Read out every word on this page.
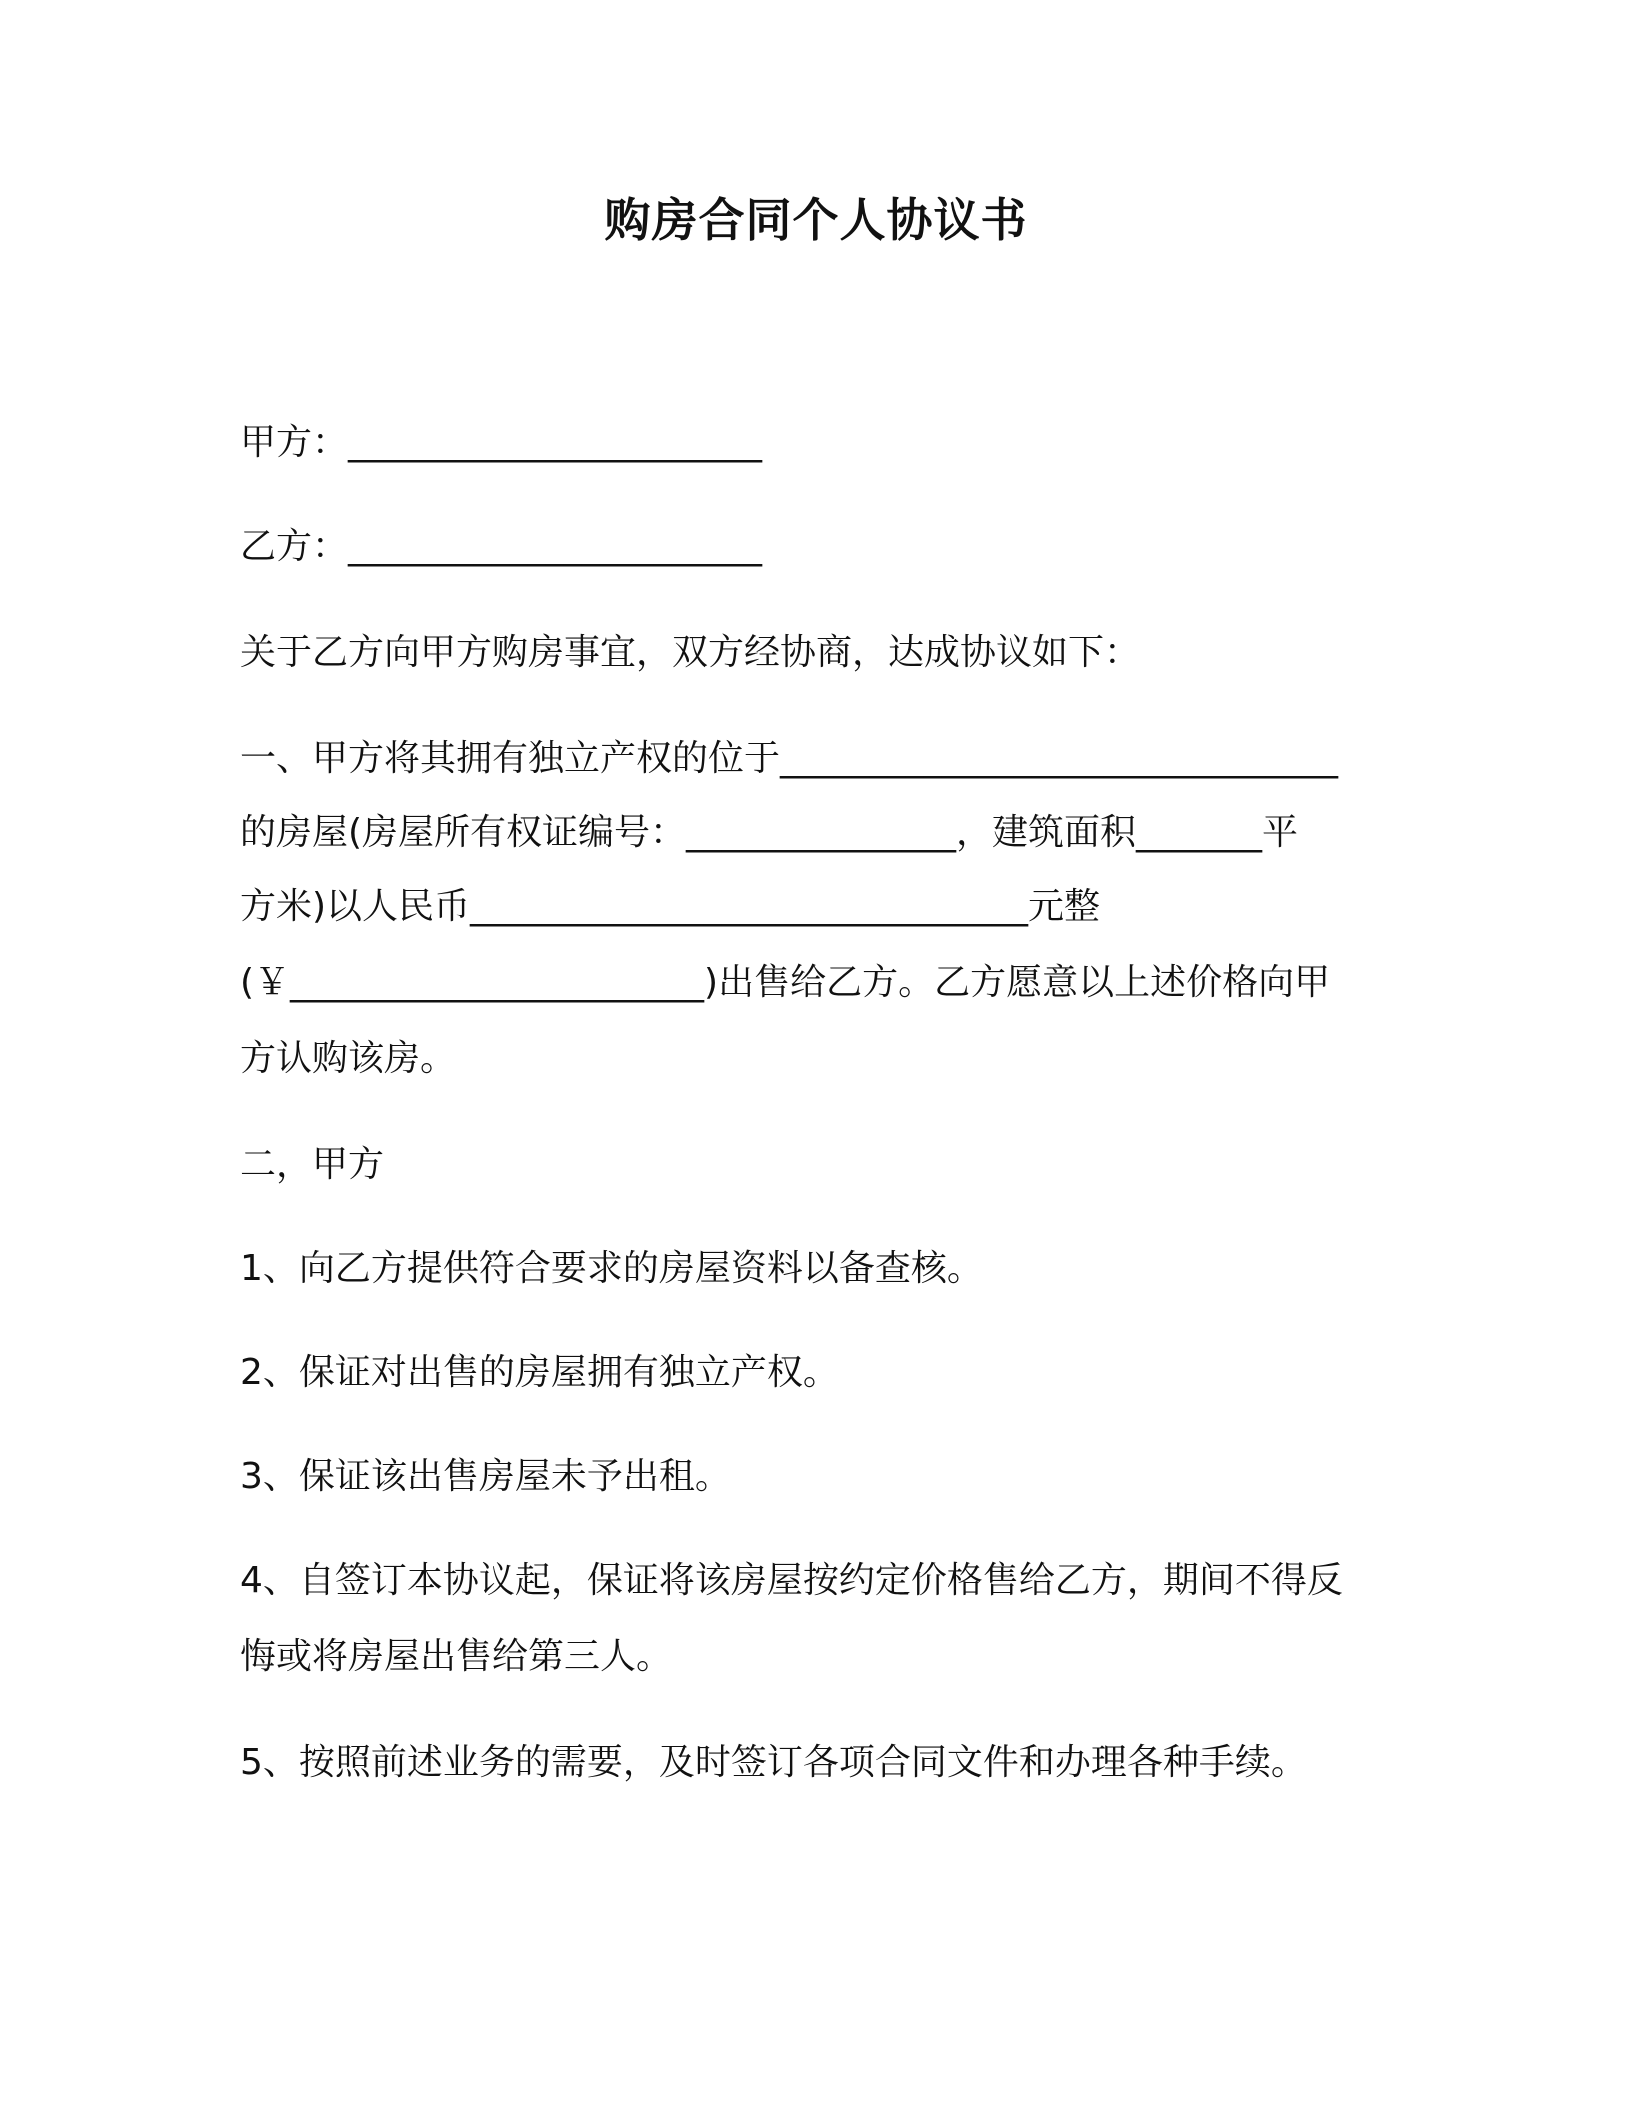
购房合同个人协议书
甲方：_______________________
乙方：_______________________
关于乙方向甲方购房事宜，双方经协商，达成协议如下：
一、甲方将其拥有独立产权的位于_______________________________
的房屋(房屋所有权证编号：_______________，建筑面积_______平
方米)以人民币_______________________________元整
(￥_______________________)出售给乙方。乙方愿意以上述价格向甲
方认购该房。
二，甲方
1、向乙方提供符合要求的房屋资料以备查核。
2、保证对出售的房屋拥有独立产权。
3、保证该出售房屋未予出租。
4、自签订本协议起，保证将该房屋按约定价格售给乙方，期间不得反
悔或将房屋出售给第三人。
5、按照前述业务的需要，及时签订各项合同文件和办理各种手续。
